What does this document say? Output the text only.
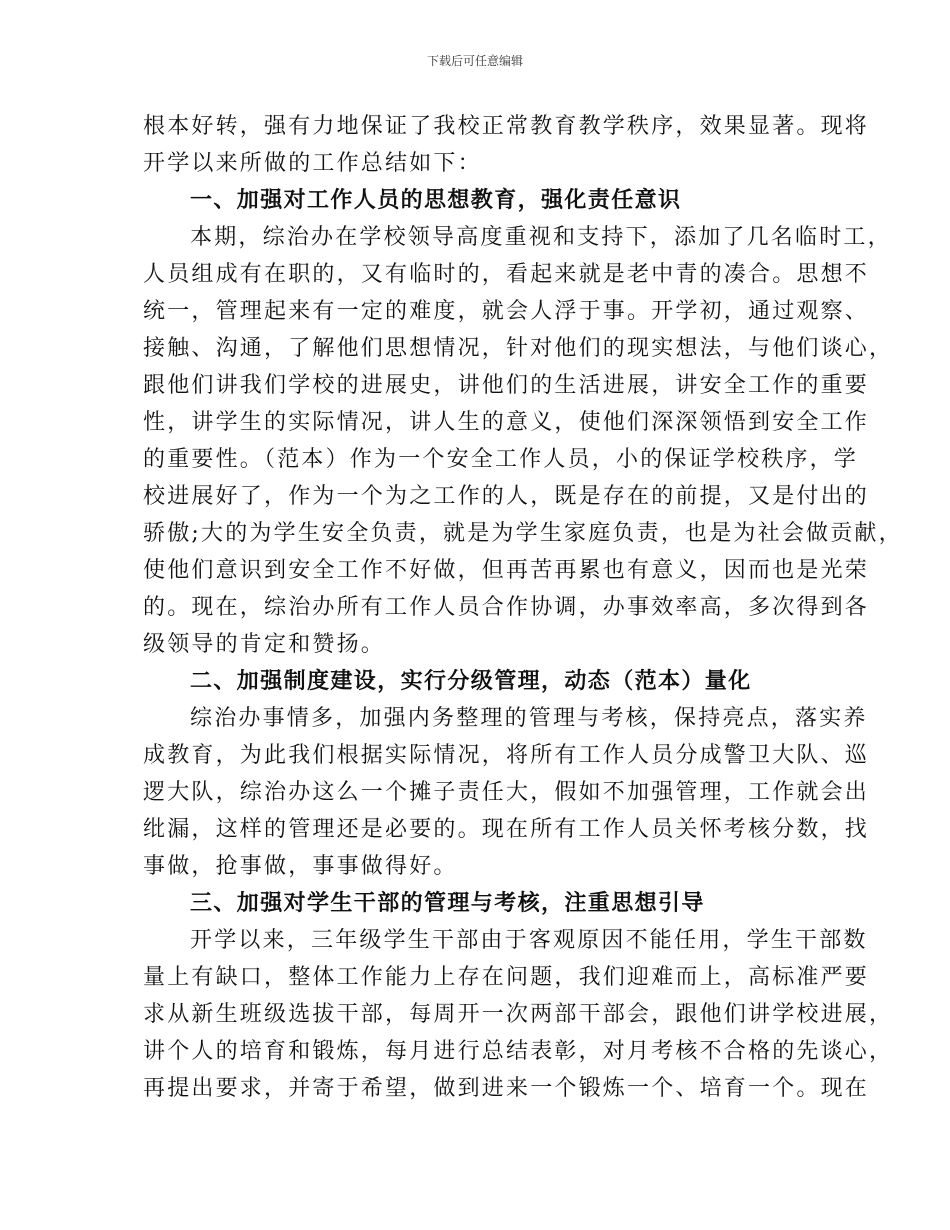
下载后可任意编辑
根本好转，强有力地保证了我校正常教育教学秩序，效果显著。现将
开学以来所做的工作总结如下：
一、加强对工作人员的思想教育，强化责任意识
本期，综治办在学校领导高度重视和支持下，添加了几名临时工，
人员组成有在职的，又有临时的，看起来就是老中青的凑合。思想不
统一，管理起来有一定的难度，就会人浮于事。开学初，通过观察、
接触、沟通，了解他们思想情况，针对他们的现实想法，与他们谈心，
跟他们讲我们学校的进展史，讲他们的生活进展，讲安全工作的重要
性，讲学生的实际情况，讲人生的意义，使他们深深领悟到安全工作
的重要性。（范本）作为一个安全工作人员，小的保证学校秩序，学
校进展好了，作为一个为之工作的人，既是存在的前提，又是付出的
骄傲;大的为学生安全负责，就是为学生家庭负责，也是为社会做贡献，
使他们意识到安全工作不好做，但再苦再累也有意义，因而也是光荣
的。现在，综治办所有工作人员合作协调，办事效率高，多次得到各
级领导的肯定和赞扬。
二、加强制度建设，实行分级管理，动态（范本）量化
综治办事情多，加强内务整理的管理与考核，保持亮点，落实养
成教育，为此我们根据实际情况，将所有工作人员分成警卫大队、巡
逻大队，综治办这么一个摊子责任大，假如不加强管理，工作就会出
纰漏，这样的管理还是必要的。现在所有工作人员关怀考核分数，找
事做，抢事做，事事做得好。
三、加强对学生干部的管理与考核，注重思想引导
开学以来，三年级学生干部由于客观原因不能任用，学生干部数
量上有缺口，整体工作能力上存在问题，我们迎难而上，高标准严要
求从新生班级选拔干部，每周开一次两部干部会，跟他们讲学校进展，
讲个人的培育和锻炼，每月进行总结表彰，对月考核不合格的先谈心，
再提出要求，并寄于希望，做到进来一个锻炼一个、培育一个。现在
